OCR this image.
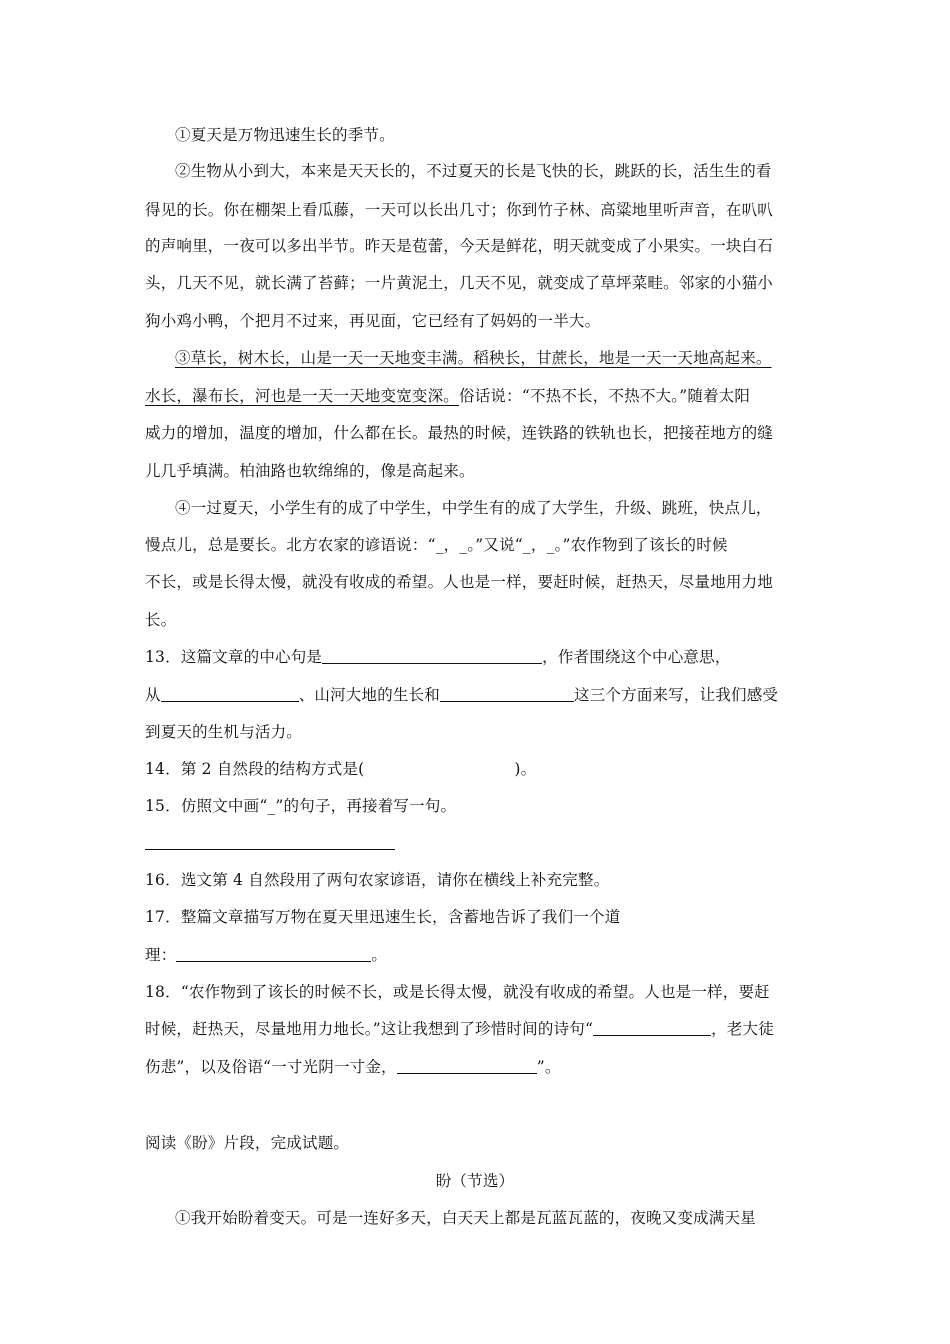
①夏天是万物迅速生长的季节。
②生物从小到大，本来是天天长的，不过夏天的长是飞快的长，跳跃的长，活生生的看
得见的长。你在棚架上看瓜藤，一天可以长出几寸；你到竹子林、高粱地里听声音，在叭叭
的声响里，一夜可以多出半节。昨天是苞蕾，今天是鲜花，明天就变成了小果实。一块白石
头，几天不见，就长满了苔藓；一片黄泥土，几天不见，就变成了草坪菜畦。邻家的小猫小
狗小鸡小鸭，个把月不过来，再见面，它已经有了妈妈的一半大。
③草长，树木长，山是一天一天地变丰满。稻秧长，甘蔗长，地是一天一天地高起来。
水长，瀑布长，河也是一天一天地变宽变深。俗话说：“不热不长，不热不大。”随着太阳
威力的增加，温度的增加，什么都在长。最热的时候，连铁路的铁轨也长，把接茬地方的缝
儿几乎填满。柏油路也软绵绵的，像是高起来。
④一过夏天，小学生有的成了中学生，中学生有的成了大学生，升级、跳班，快点儿，
慢点儿，总是要长。北方农家的谚语说：“_，_。”又说“_，_。”农作物到了该长的时候
不长，或是长得太慢，就没有收成的希望。人也是一样，要赶时候，赶热天，尽量地用力地
长。
13．这篇文章的中心句是	，作者围绕这个中心意思，
从	、山河大地的生长和	这三个方面来写，让我们感受
到夏天的生机与活力。
14．第 2 自然段的结构方式是(	)。
15．仿照文中画“_”的句子，再接着写一句。
16．选文第 4 自然段用了两句农家谚语，请你在横线上补充完整。
17．整篇文章描写万物在夏天里迅速生长，含蓄地告诉了我们一个道
理：	。
18．“农作物到了该长的时候不长，或是长得太慢，就没有收成的希望。人也是一样，要赶
时候，赶热天，尽量地用力地长。”这让我想到了珍惜时间的诗句“	，老大徒
伤悲”，以及俗语“一寸光阴一寸金，	”。
阅读《盼》片段，完成试题。
盼（节选）
①我开始盼着变天。可是一连好多天，白天天上都是瓦蓝瓦蓝的，夜晚又变成满天星
